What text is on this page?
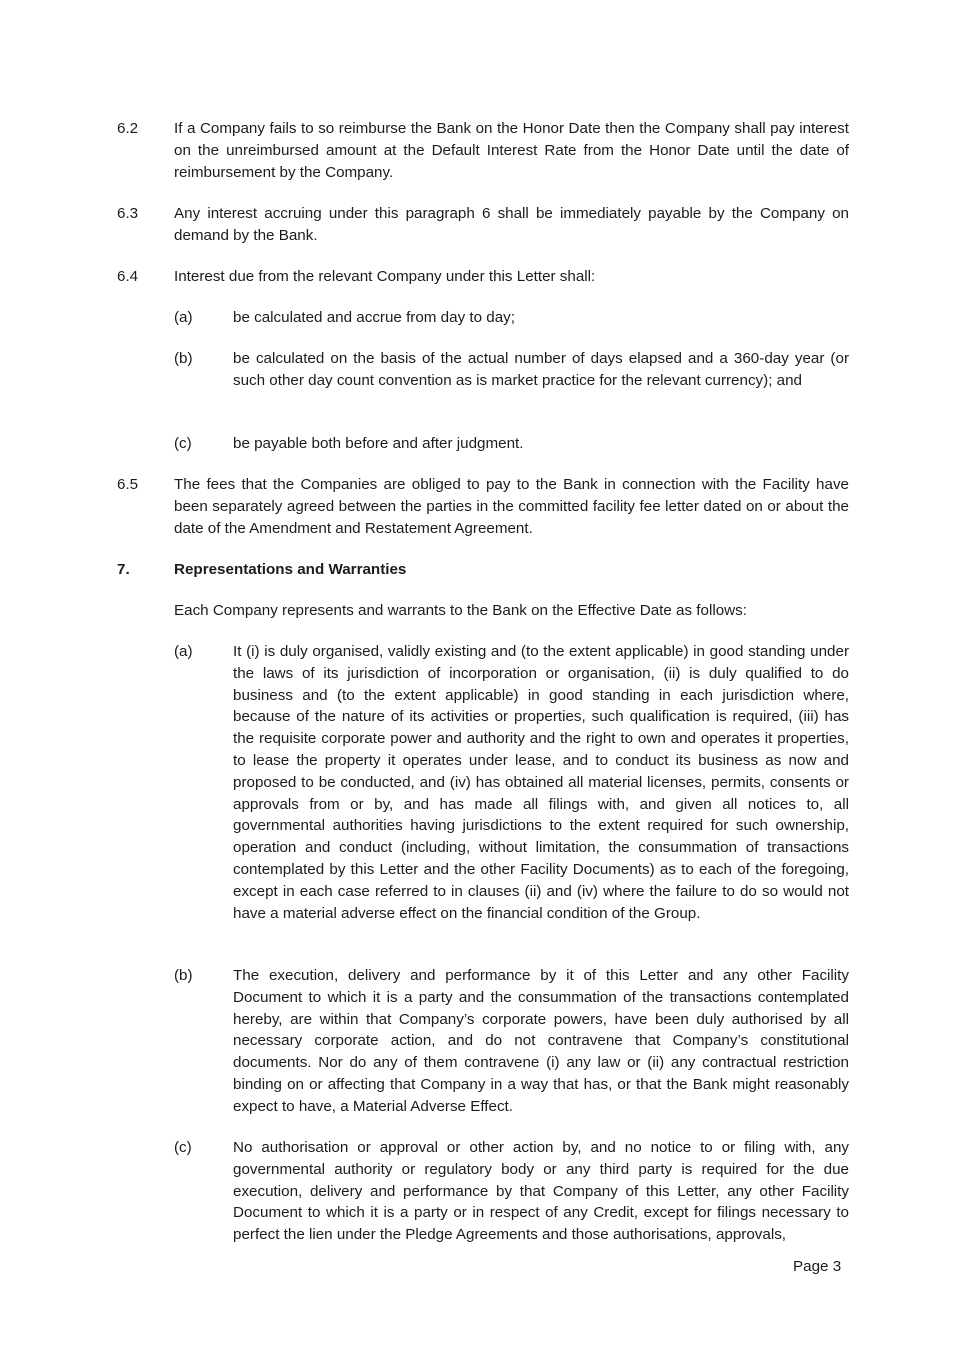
6.2 If a Company fails to so reimburse the Bank on the Honor Date then the Company shall pay interest on the unreimbursed amount at the Default Interest Rate from the Honor Date until the date of reimbursement by the Company.
6.3 Any interest accruing under this paragraph 6 shall be immediately payable by the Company on demand by the Bank.
6.4 Interest due from the relevant Company under this Letter shall:
(a)	be calculated and accrue from day to day;
(b)	be calculated on the basis of the actual number of days elapsed and a 360-day year (or such other day count convention as is market practice for the relevant currency); and
(c)	be payable both before and after judgment.
6.5 The fees that the Companies are obliged to pay to the Bank in connection with the Facility have been separately agreed between the parties in the committed facility fee letter dated on or about the date of the Amendment and Restatement Agreement.
7.	Representations and Warranties
Each Company represents and warrants to the Bank on the Effective Date as follows:
(a)	It (i) is duly organised, validly existing and (to the extent applicable) in good standing under the laws of its jurisdiction of incorporation or organisation, (ii) is duly qualified to do business and (to the extent applicable) in good standing in each jurisdiction where, because of the nature of its activities or properties, such qualification is required, (iii) has the requisite corporate power and authority and the right to own and operates it properties, to lease the property it operates under lease, and to conduct its business as now and proposed to be conducted, and (iv) has obtained all material licenses, permits, consents or approvals from or by, and has made all filings with, and given all notices to, all governmental authorities having jurisdictions to the extent required for such ownership, operation and conduct (including, without limitation, the consummation of transactions contemplated by this Letter and the other Facility Documents) as to each of the foregoing, except in each case referred to in clauses (ii) and (iv) where the failure to do so would not have a material adverse effect on the financial condition of the Group.
(b)	The execution, delivery and performance by it of this Letter and any other Facility Document to which it is a party and the consummation of the transactions contemplated hereby, are within that Company’s corporate powers, have been duly authorised by all necessary corporate action, and do not contravene that Company’s constitutional documents. Nor do any of them contravene (i) any law or (ii) any contractual restriction binding on or affecting that Company in a way that has, or that the Bank might reasonably expect to have, a Material Adverse Effect.
(c)	No authorisation or approval or other action by, and no notice to or filing with, any governmental authority or regulatory body or any third party is required for the due execution, delivery and performance by that Company of this Letter, any other Facility Document to which it is a party or in respect of any Credit, except for filings necessary to perfect the lien under the Pledge Agreements and those authorisations, approvals,
Page 3
